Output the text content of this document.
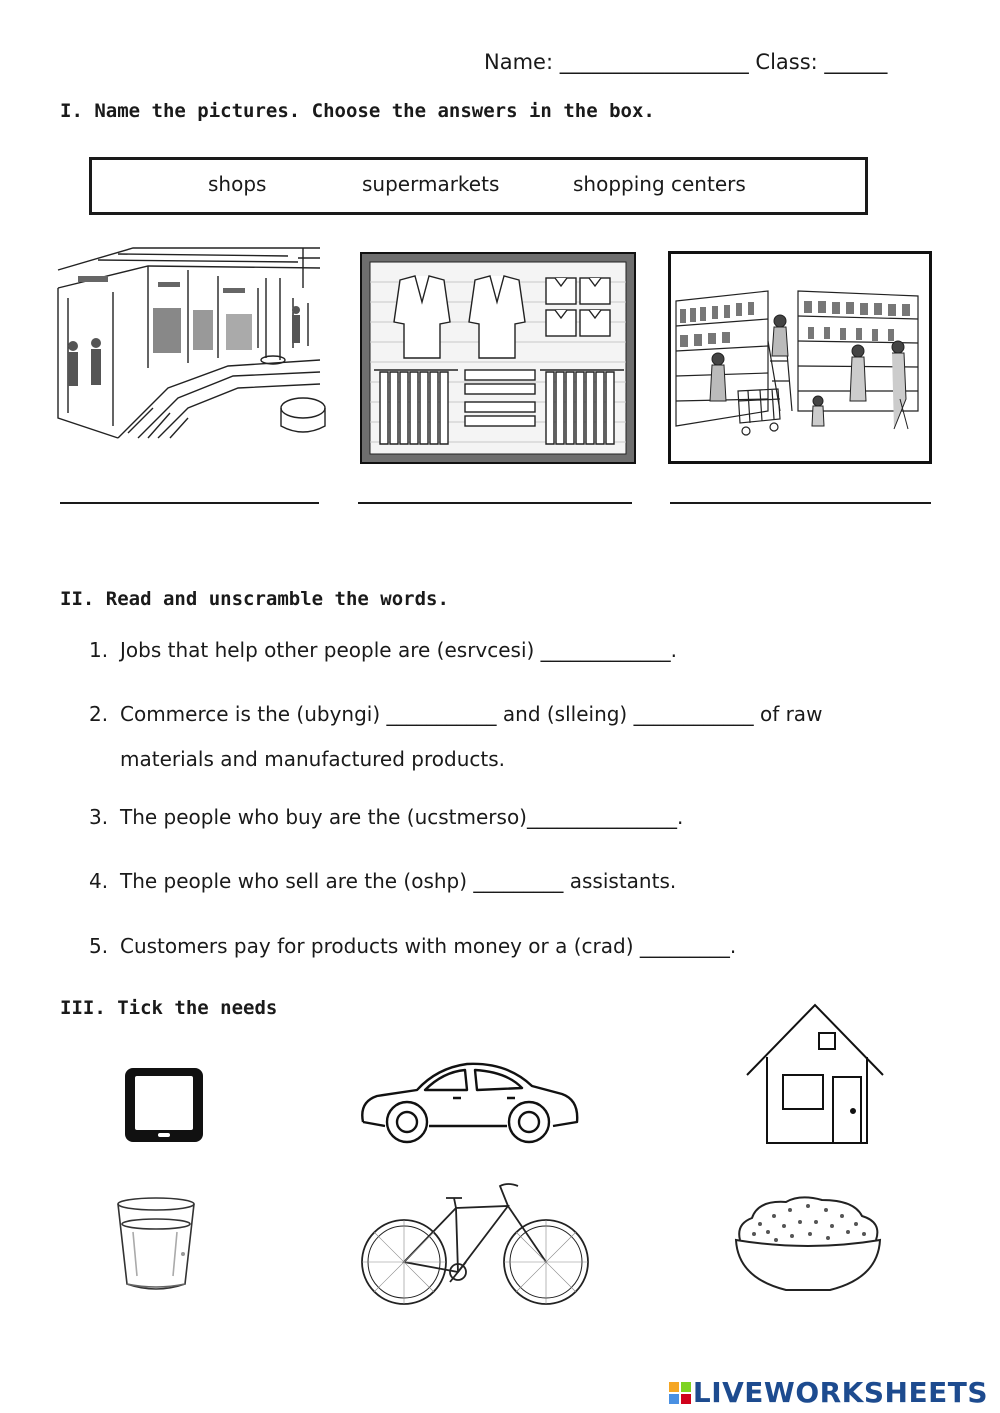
Name: __________________ Class: ______
I. Name the pictures. Choose the answers in the box.
shops	supermarkets	shopping centers
II. Read and unscramble the words.
1. Jobs that help other people are (esrvcesi) _____________.
2. Commerce is the (ubyngi) ___________ and (slleing) ____________ of raw
materials and manufactured products.
3. The people who buy are the (ucstmerso)_______________.
4. The people who sell are the (oshp) _________ assistants.
5. Customers pay for products with money or a (crad) _________.
III. Tick the needs
LIVEWORKSHEETS
